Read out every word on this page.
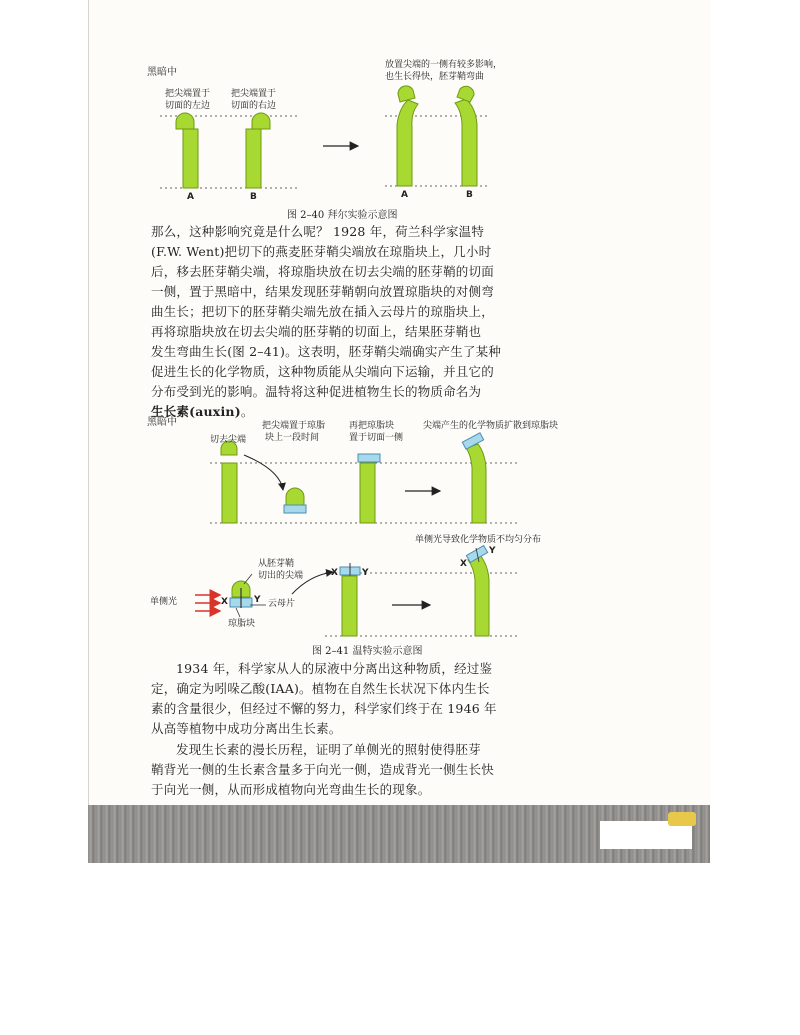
黑暗中
把尖端置于
切面的左边
把尖端置于
切面的右边
放置尖端的一侧有较多影响，
也生长得快，胚芽鞘弯曲
A	B	A	B
图 2–40 拜尔实验示意图
那么，这种影响究竟是什么呢？ 1928 年，荷兰科学家温特
(F.W. Went)把切下的燕麦胚芽鞘尖端放在琼脂块上，几小时
后，移去胚芽鞘尖端，将琼脂块放在切去尖端的胚芽鞘的切面
一侧，置于黑暗中，结果发现胚芽鞘朝向放置琼脂块的对侧弯
曲生长；把切下的胚芽鞘尖端先放在插入云母片的琼脂块上，
再将琼脂块放在切去尖端的胚芽鞘的切面上，结果胚芽鞘也
发生弯曲生长(图 2–41)。这表明，胚芽鞘尖端确实产生了某种
促进生长的化学物质，这种物质能从尖端向下运输，并且它的
分布受到光的影响。温特将这种促进植物生长的物质命名为
生长素(auxin)。
黑暗中
切去尖端
把尖端置于琼脂
块上一段时间
再把琼脂块
置于切面一侧
尖端产生的化学物质扩散到琼脂块
单侧光导致化学物质不均匀分布
单侧光
从胚芽鞘
切出的尖端
云母片
琼脂块
X	Y
X	Y
X
Y
图 2–41 温特实验示意图
1934 年，科学家从人的尿液中分离出这种物质，经过鉴
定，确定为吲哚乙酸(IAA)。植物在自然生长状况下体内生长
素的含量很少，但经过不懈的努力，科学家们终于在 1946 年
从高等植物中成功分离出生长素。
发现生长素的漫长历程，证明了单侧光的照射使得胚芽
鞘背光一侧的生长素含量多于向光一侧，造成背光一侧生长快
于向光一侧，从而形成植物向光弯曲生长的现象。
